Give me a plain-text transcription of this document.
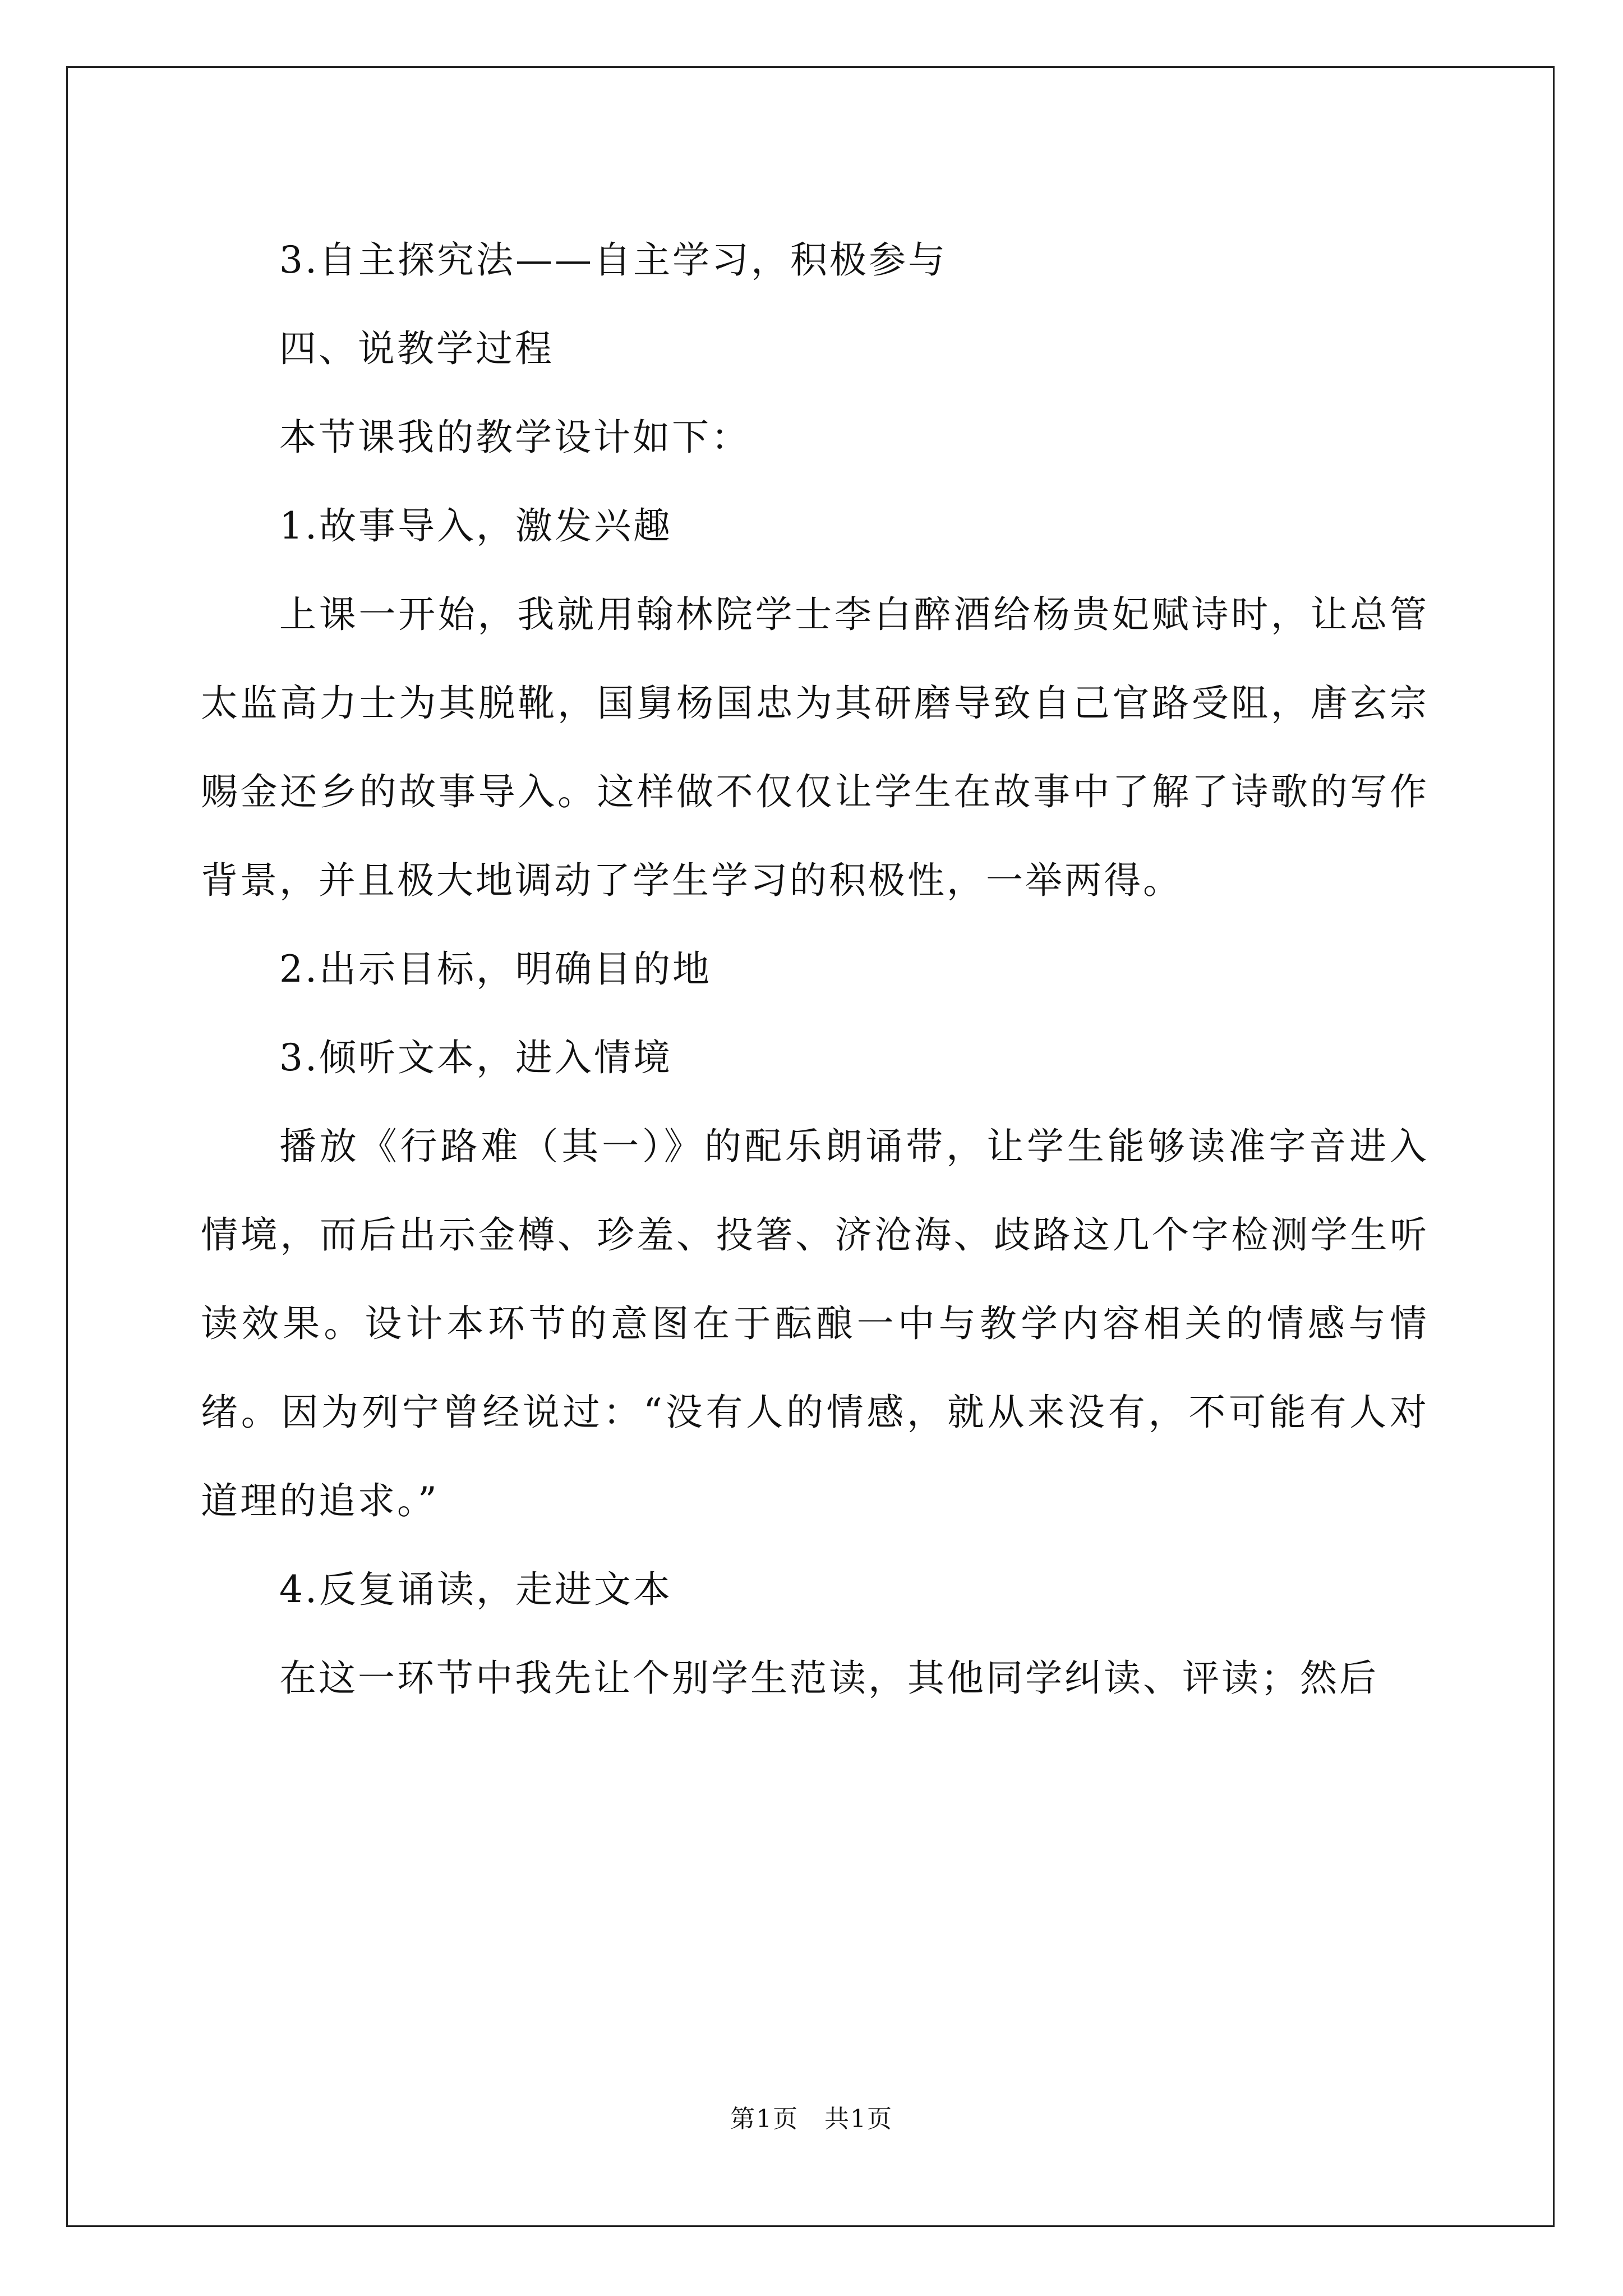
3.自主探究法——自主学习，积极参与

四、说教学过程

本节课我的教学设计如下：

1.故事导入，激发兴趣

上课一开始，我就用翰林院学士李白醉酒给杨贵妃赋诗时，让总管太监高力士为其脱靴，国舅杨国忠为其研磨导致自己官路受阻，唐玄宗赐金还乡的故事导入。这样做不仅仅让学生在故事中了解了诗歌的写作背景，并且极大地调动了学生学习的积极性，一举两得。

2.出示目标，明确目的地

3.倾听文本，进入情境

播放《行路难（其一）》的配乐朗诵带，让学生能够读准字音进入情境，而后出示金樽、珍羞、投箸、济沧海、歧路这几个字检测学生听读效果。设计本环节的意图在于酝酿一中与教学内容相关的情感与情绪。因为列宁曾经说过：“没有人的情感，就从来没有，不可能有人对道理的追求。”

4.反复诵读，走进文本

在这一环节中我先让个别学生范读，其他同学纠读、评读；然后

第1页　共1页
